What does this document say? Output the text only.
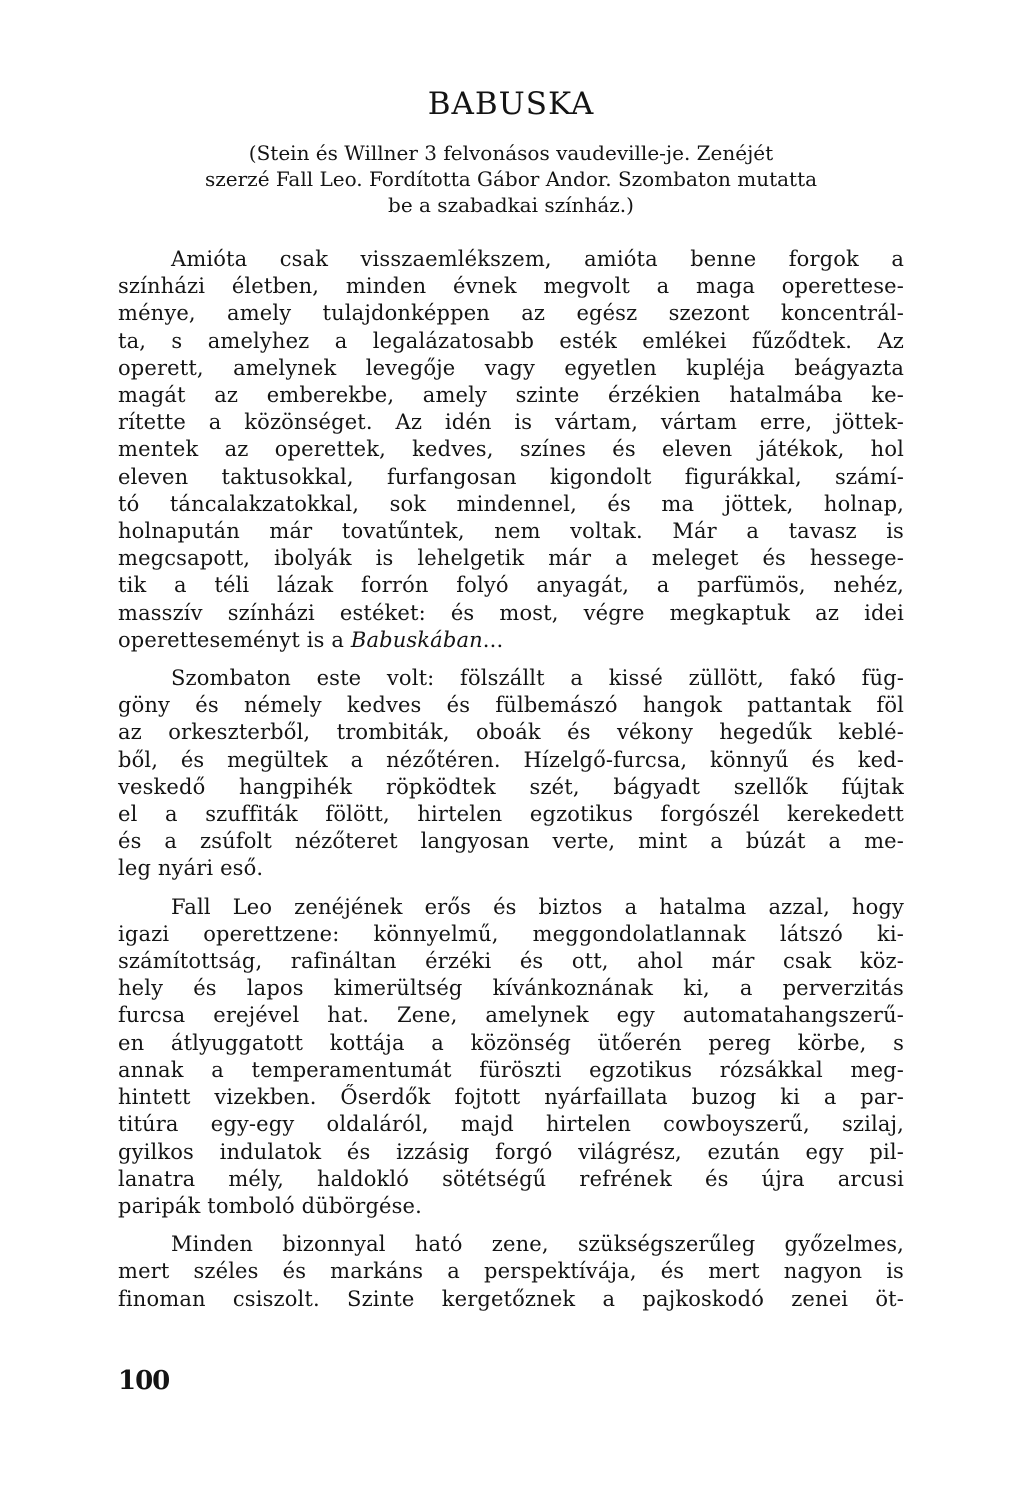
BABUSKA
(Stein és Willner 3 felvonásos vaudeville-je. Zenéjét
szerzé Fall Leo. Fordította Gábor Andor. Szombaton mutatta
be a szabadkai színház.)

Amióta csak visszaemlékszem, amióta benne forgok a
színházi életben, minden évnek megvolt a maga operettese-
ménye, amely tulajdonképpen az egész szezont koncentrál-
ta, s amelyhez a legalázatosabb esték emlékei fűződtek. Az
operett, amelynek levegője vagy egyetlen kupléja beágyazta
magát az emberekbe, amely szinte érzékien hatalmába ke-
rítette a közönséget. Az idén is vártam, vártam erre, jöttek-
mentek az operettek, kedves, színes és eleven játékok, hol
eleven taktusokkal, furfangosan kigondolt figurákkal, számí-
tó táncalakzatokkal, sok mindennel, és ma jöttek, holnap,
holnapután már tovatűntek, nem voltak. Már a tavasz is
megcsapott, ibolyák is lehelgetik már a meleget és hessege-
tik a téli lázak forrón folyó anyagát, a parfümös, nehéz,
masszív színházi estéket: és most, végre megkaptuk az idei
operetteseményt is a Babuskában...

Szombaton este volt: fölszállt a kissé züllött, fakó füg-
göny és némely kedves és fülbemászó hangok pattantak föl
az orkeszterből, trombiták, oboák és vékony hegedűk keblé-
ből, és megültek a nézőtéren. Hízelgő-furcsa, könnyű és ked-
veskedő hangpihék röpködtek szét, bágyadt szellők fújtak
el a szuffiták fölött, hirtelen egzotikus forgószél kerekedett
és a zsúfolt nézőteret langyosan verte, mint a búzát a me-
leg nyári eső.

Fall Leo zenéjének erős és biztos a hatalma azzal, hogy
igazi operettzene: könnyelmű, meggondolatlannak látszó ki-
számítottság, rafináltan érzéki és ott, ahol már csak köz-
hely és lapos kimerültség kívánkoznának ki, a perverzitás
furcsa erejével hat. Zene, amelynek egy automatahangszerű-
en átlyuggatott kottája a közönség ütőerén pereg körbe, s
annak a temperamentumát füröszti egzotikus rózsákkal meg-
hintett vizekben. Őserdők fojtott nyárfaillata buzog ki a par-
titúra egy-egy oldaláról, majd hirtelen cowboyszerű, szilaj,
gyilkos indulatok és izzásig forgó világrész, ezután egy pil-
lanatra mély, haldokló sötétségű refrének és újra arcusi
paripák tomboló dübörgése.

Minden bizonnyal ható zene, szükségszerűleg győzelmes,
mert széles és markáns a perspektívája, és mert nagyon is
finoman csiszolt. Szinte kergetőznek a pajkoskodó zenei öt-

100
